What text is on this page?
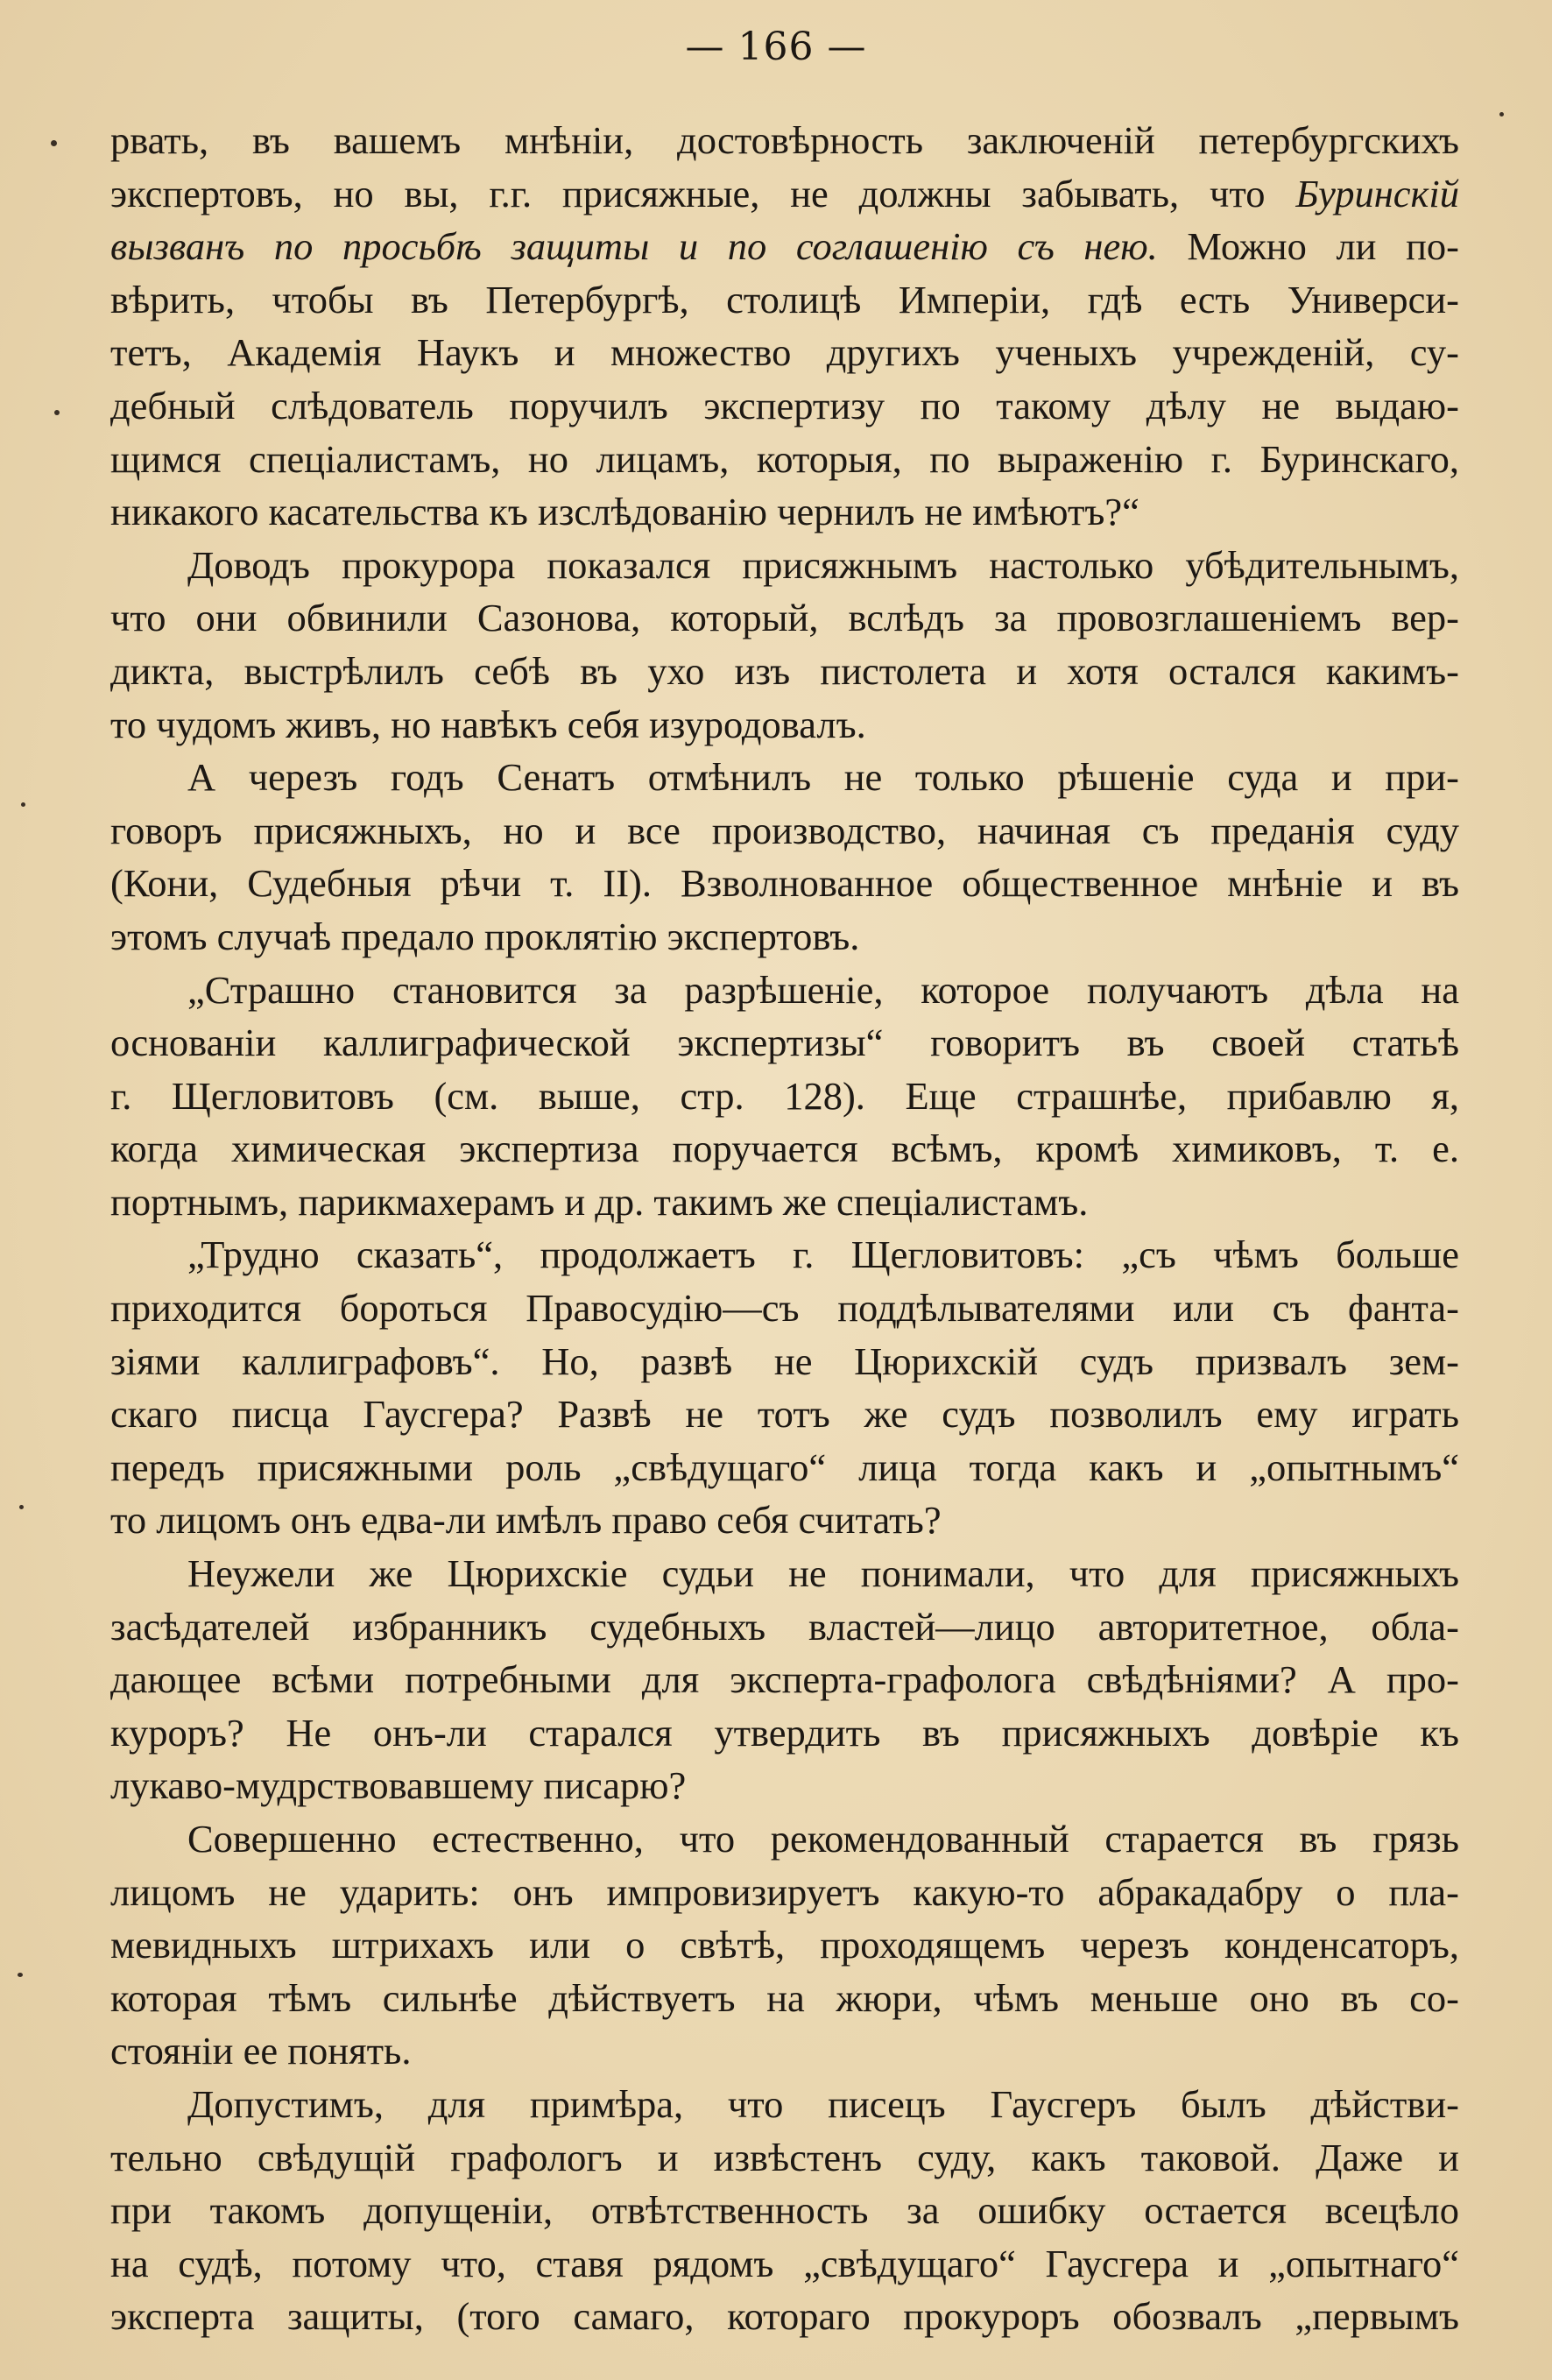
— 166 —
рвать, въ вашемъ мнѣніи, достовѣрность заключеній петербургскихъ
экспертовъ, но вы, г.г. присяжные, не должны забывать, что Буринскій
вызванъ по просьбѣ защиты и по соглашенію съ нею. Можно ли по-
вѣрить, чтобы въ Петербургѣ, столицѣ Имперіи, гдѣ есть Универси-
тетъ, Академія Наукъ и множество другихъ ученыхъ учрежденій, су-
дебный слѣдователь поручилъ экспертизу по такому дѣлу не выдаю-
щимся спеціалистамъ, но лицамъ, которыя, по выраженію г. Буринскаго,
никакого касательства къ изслѣдованію чернилъ не имѣютъ?“
Доводъ прокурора показался присяжнымъ настолько убѣдительнымъ,
что они обвинили Сазонова, который, вслѣдъ за провозглашеніемъ вер-
дикта, выстрѣлилъ себѣ въ ухо изъ пистолета и хотя остался какимъ-
то чудомъ живъ, но навѣкъ себя изуродовалъ.
А черезъ годъ Сенатъ отмѣнилъ не только рѣшеніе суда и при-
говоръ присяжныхъ, но и все производство, начиная съ преданія суду
(Кони, Судебныя рѣчи т. II). Взволнованное общественное мнѣніе и въ
этомъ случаѣ предало проклятію экспертовъ.
„Страшно становится за разрѣшеніе, которое получаютъ дѣла на
основаніи каллиграфической экспертизы“ говоритъ въ своей статьѣ
г. Щегловитовъ (см. выше, стр. 128). Еще страшнѣе, прибавлю я,
когда химическая экспертиза поручается всѣмъ, кромѣ химиковъ, т. е.
портнымъ, парикмахерамъ и др. такимъ же спеціалистамъ.
„Трудно сказать“, продолжаетъ г. Щегловитовъ: „съ чѣмъ больше
приходится бороться Правосудію—съ поддѣлывателями или съ фанта-
зіями каллиграфовъ“. Но, развѣ не Цюрихскій судъ призвалъ зем-
скаго писца Гаусгера? Развѣ не тотъ же судъ позволилъ ему играть
передъ присяжными роль „свѣдущаго“ лица тогда какъ и „опытнымъ“
то лицомъ онъ едва-ли имѣлъ право себя считать?
Неужели же Цюрихскіе судьи не понимали, что для присяжныхъ
засѣдателей избранникъ судебныхъ властей—лицо авторитетное, обла-
дающее всѣми потребными для эксперта-графолога свѣдѣніями? А про-
куроръ? Не онъ-ли старался утвердить въ присяжныхъ довѣріе къ
лукаво-мудрствовавшему писарю?
Совершенно естественно, что рекомендованный старается въ грязь
лицомъ не ударить: онъ импровизируетъ какую-то абракадабру о пла-
мевидныхъ штрихахъ или о свѣтѣ, проходящемъ черезъ конденсаторъ,
которая тѣмъ сильнѣе дѣйствуетъ на жюри, чѣмъ меньше оно въ со-
стояніи ее понять.
Допустимъ, для примѣра, что писецъ Гаусгеръ былъ дѣйстви-
тельно свѣдущій графологъ и извѣстенъ суду, какъ таковой. Даже и
при такомъ допущеніи, отвѣтственность за ошибку остается всецѣло
на судѣ, потому что, ставя рядомъ „свѣдущаго“ Гаусгера и „опытнаго“
эксперта защиты, (того самаго, котораго прокуроръ обозвалъ „первымъ
